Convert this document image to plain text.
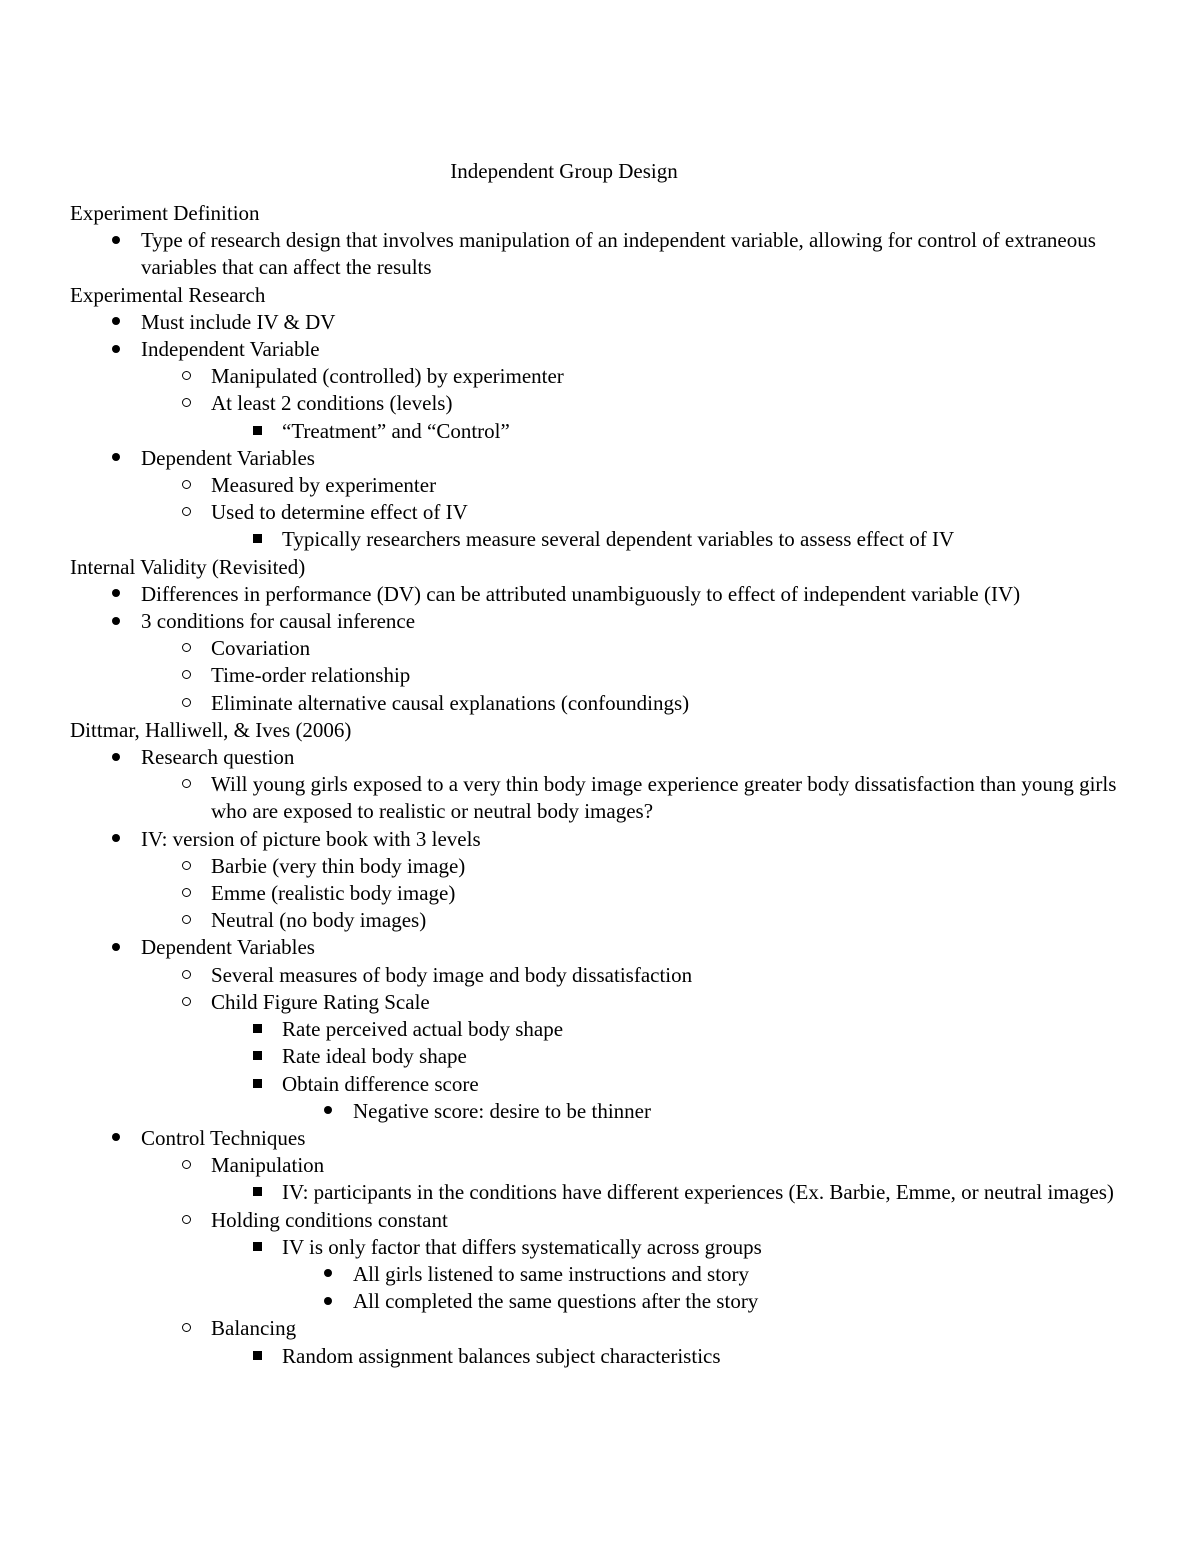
Independent Group Design
Experiment Definition
Type of research design that involves manipulation of an independent variable, allowing for control of extraneous variables that can affect the results
Experimental Research
Must include IV & DV
Independent Variable
Manipulated (controlled) by experimenter
At least 2 conditions (levels)
“Treatment” and “Control”
Dependent Variables
Measured by experimenter
Used to determine effect of IV
Typically researchers measure several dependent variables to assess effect of IV
Internal Validity (Revisited)
Differences in performance (DV) can be attributed unambiguously to effect of independent variable (IV)
3 conditions for causal inference
Covariation
Time-order relationship
Eliminate alternative causal explanations (confoundings)
Dittmar, Halliwell, & Ives (2006)
Research question
Will young girls exposed to a very thin body image experience greater body dissatisfaction than young girls who are exposed to realistic or neutral body images?
IV: version of picture book with 3 levels
Barbie (very thin body image)
Emme (realistic body image)
Neutral (no body images)
Dependent Variables
Several measures of body image and body dissatisfaction
Child Figure Rating Scale
Rate perceived actual body shape
Rate ideal body shape
Obtain difference score
Negative score: desire to be thinner
Control Techniques
Manipulation
IV: participants in the conditions have different experiences (Ex. Barbie, Emme, or neutral images)
Holding conditions constant
IV is only factor that differs systematically across groups
All girls listened to same instructions and story
All completed the same questions after the story
Balancing
Random assignment balances subject characteristics
